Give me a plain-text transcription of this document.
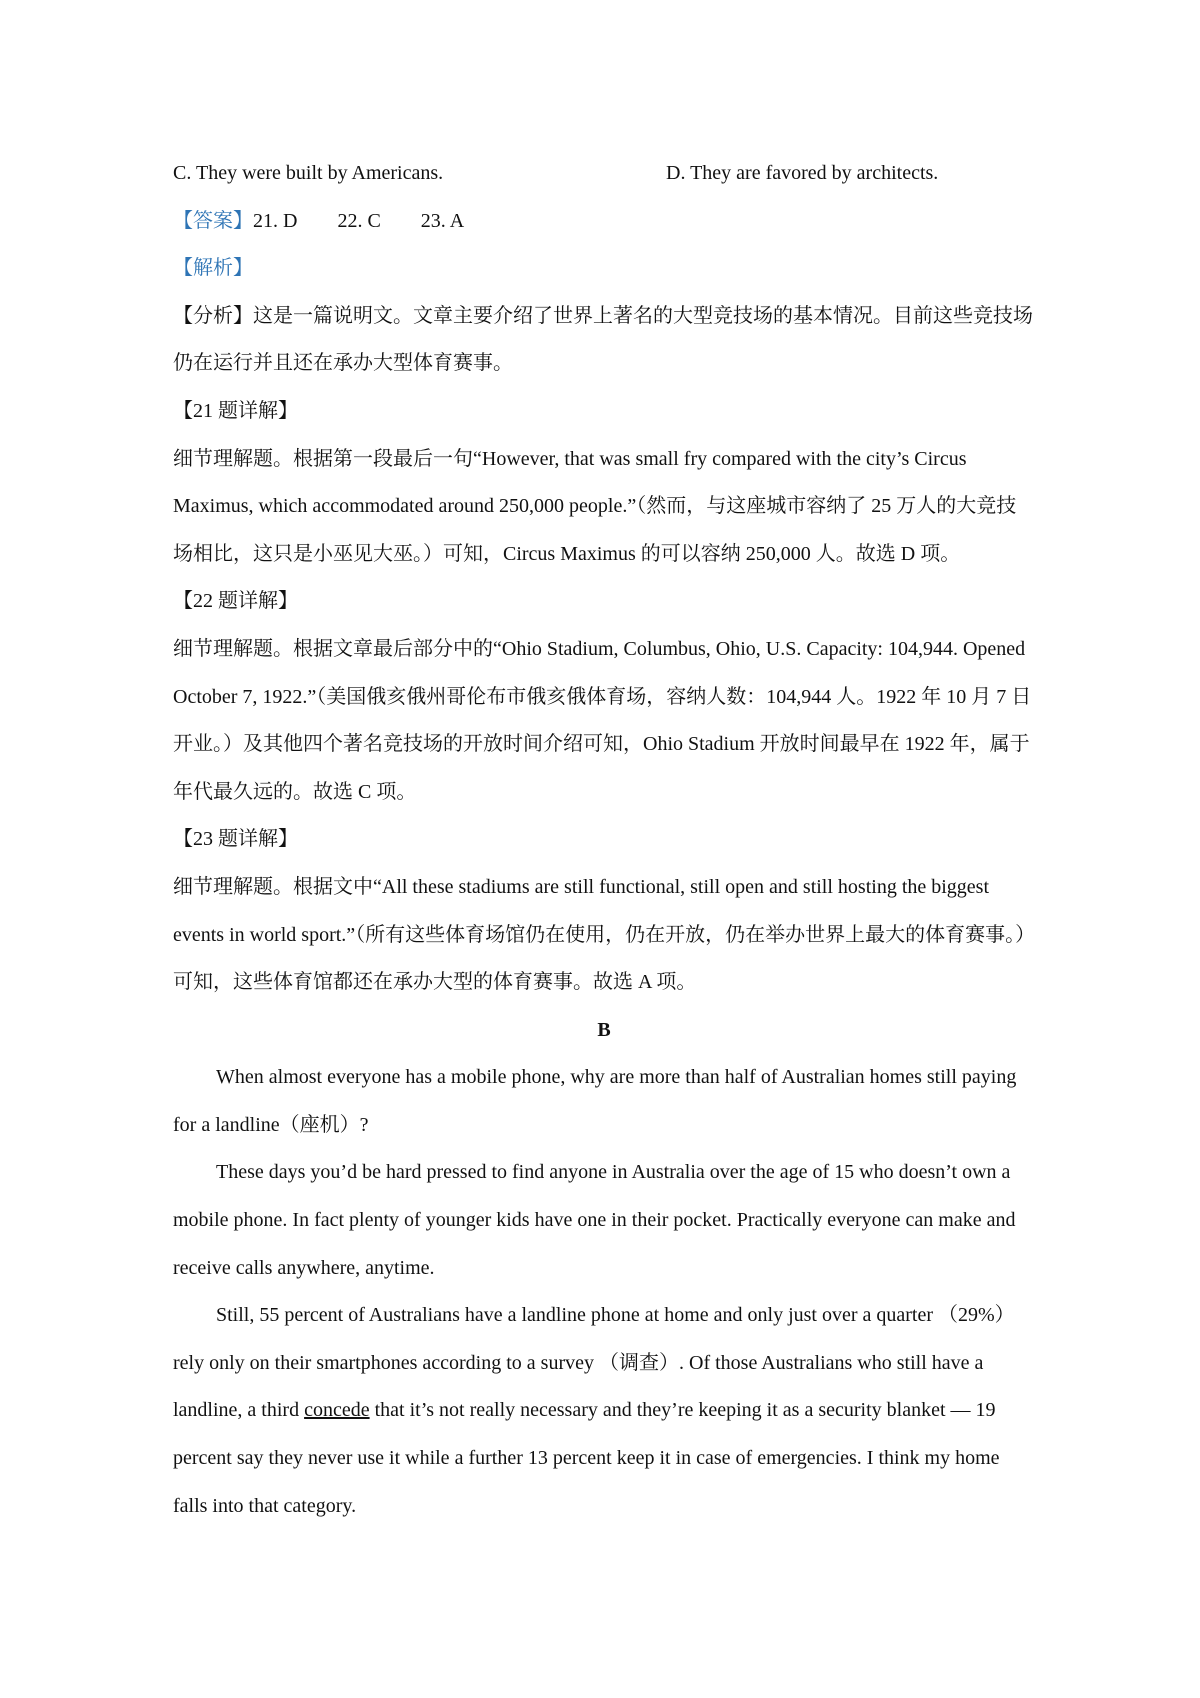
C. They were built by Americans.	D. They are favored by architects.

【答案】21. D 22. C 23. A

【解析】

【分析】这是一篇说明文。文章主要介绍了世界上著名的大型竞技场的基本情况。目前这些竞技场仍在运行并且还在承办大型体育赛事。

【21 题详解】

细节理解题。根据第一段最后一句“However, that was small fry compared with the city’s Circus Maximus, which accommodated around 250,000 people.”（然而，与这座城市容纳了 25 万人的大竞技场相比，这只是小巫见大巫。）可知，Circus Maximus 的可以容纳 250,000 人。故选 D 项。

【22 题详解】

细节理解题。根据文章最后部分中的“Ohio Stadium, Columbus, Ohio, U.S. Capacity: 104,944. Opened October 7, 1922.”（美国俄亥俄州哥伦布市俄亥俄体育场，容纳人数：104,944 人。1922 年 10 月 7 日开业。）及其他四个著名竞技场的开放时间介绍可知，Ohio Stadium 开放时间最早在 1922 年，属于年代最久远的。故选 C 项。

【23 题详解】

细节理解题。根据文中“All these stadiums are still functional, still open and still hosting the biggest events in world sport.”（所有这些体育场馆仍在使用，仍在开放，仍在举办世界上最大的体育赛事。）可知，这些体育馆都还在承办大型的体育赛事。故选 A 项。

B

When almost everyone has a mobile phone, why are more than half of Australian homes still paying for a landline（座机）?

These days you’d be hard pressed to find anyone in Australia over the age of 15 who doesn’t own a mobile phone. In fact plenty of younger kids have one in their pocket. Practically everyone can make and receive calls anywhere, anytime.

Still, 55 percent of Australians have a landline phone at home and only just over a quarter （29%） rely only on their smartphones according to a survey （调查）. Of those Australians who still have a landline, a third concede that it’s not really necessary and they’re keeping it as a security blanket — 19 percent say they never use it while a further 13 percent keep it in case of emergencies. I think my home falls into that category.
